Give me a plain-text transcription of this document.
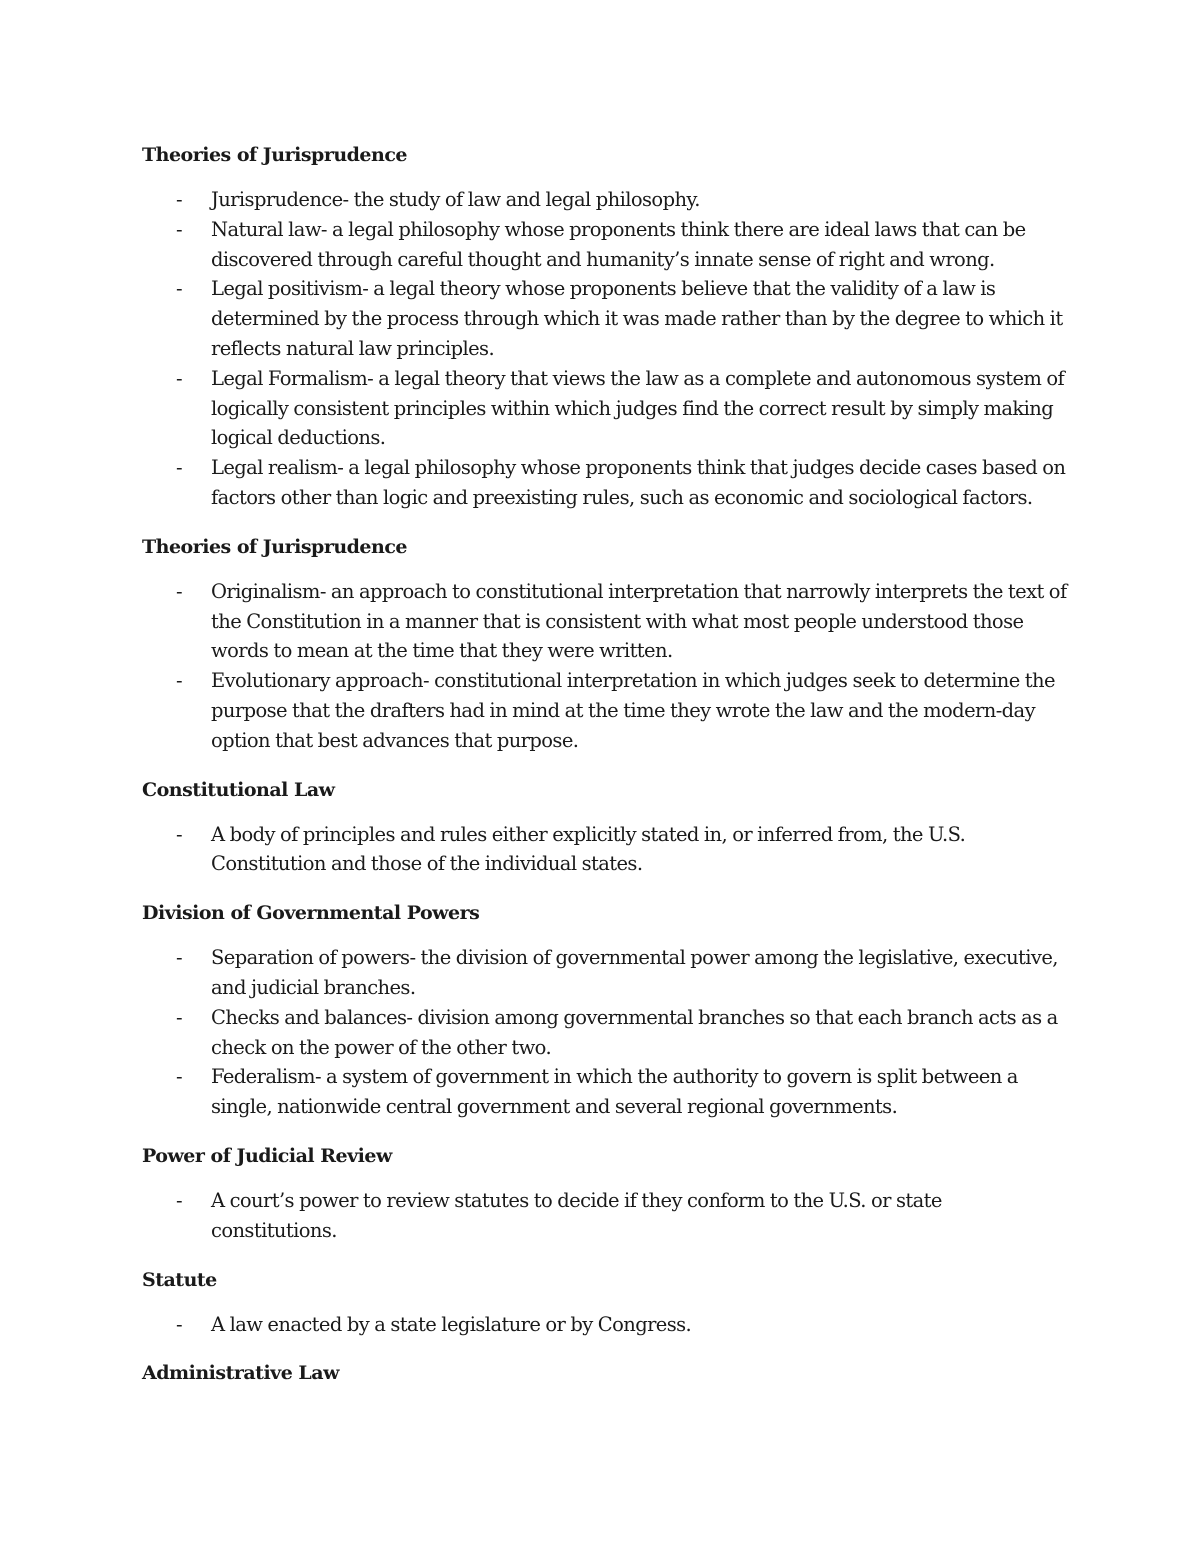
Theories of Jurisprudence
- Jurisprudence- the study of law and legal philosophy.
- Natural law- a legal philosophy whose proponents think there are ideal laws that can be discovered through careful thought and humanity’s innate sense of right and wrong.
- Legal positivism- a legal theory whose proponents believe that the validity of a law is determined by the process through which it was made rather than by the degree to which it reflects natural law principles.
- Legal Formalism- a legal theory that views the law as a complete and autonomous system of logically consistent principles within which judges find the correct result by simply making logical deductions.
- Legal realism- a legal philosophy whose proponents think that judges decide cases based on factors other than logic and preexisting rules, such as economic and sociological factors.
Theories of Jurisprudence
- Originalism- an approach to constitutional interpretation that narrowly interprets the text of the Constitution in a manner that is consistent with what most people understood those words to mean at the time that they were written.
- Evolutionary approach- constitutional interpretation in which judges seek to determine the purpose that the drafters had in mind at the time they wrote the law and the modern-day option that best advances that purpose.
Constitutional Law
- A body of principles and rules either explicitly stated in, or inferred from, the U.S. Constitution and those of the individual states.
Division of Governmental Powers
- Separation of powers- the division of governmental power among the legislative, executive, and judicial branches.
- Checks and balances- division among governmental branches so that each branch acts as a check on the power of the other two.
- Federalism- a system of government in which the authority to govern is split between a single, nationwide central government and several regional governments.
Power of Judicial Review
- A court’s power to review statutes to decide if they conform to the U.S. or state constitutions.
Statute
- A law enacted by a state legislature or by Congress.
Administrative Law
